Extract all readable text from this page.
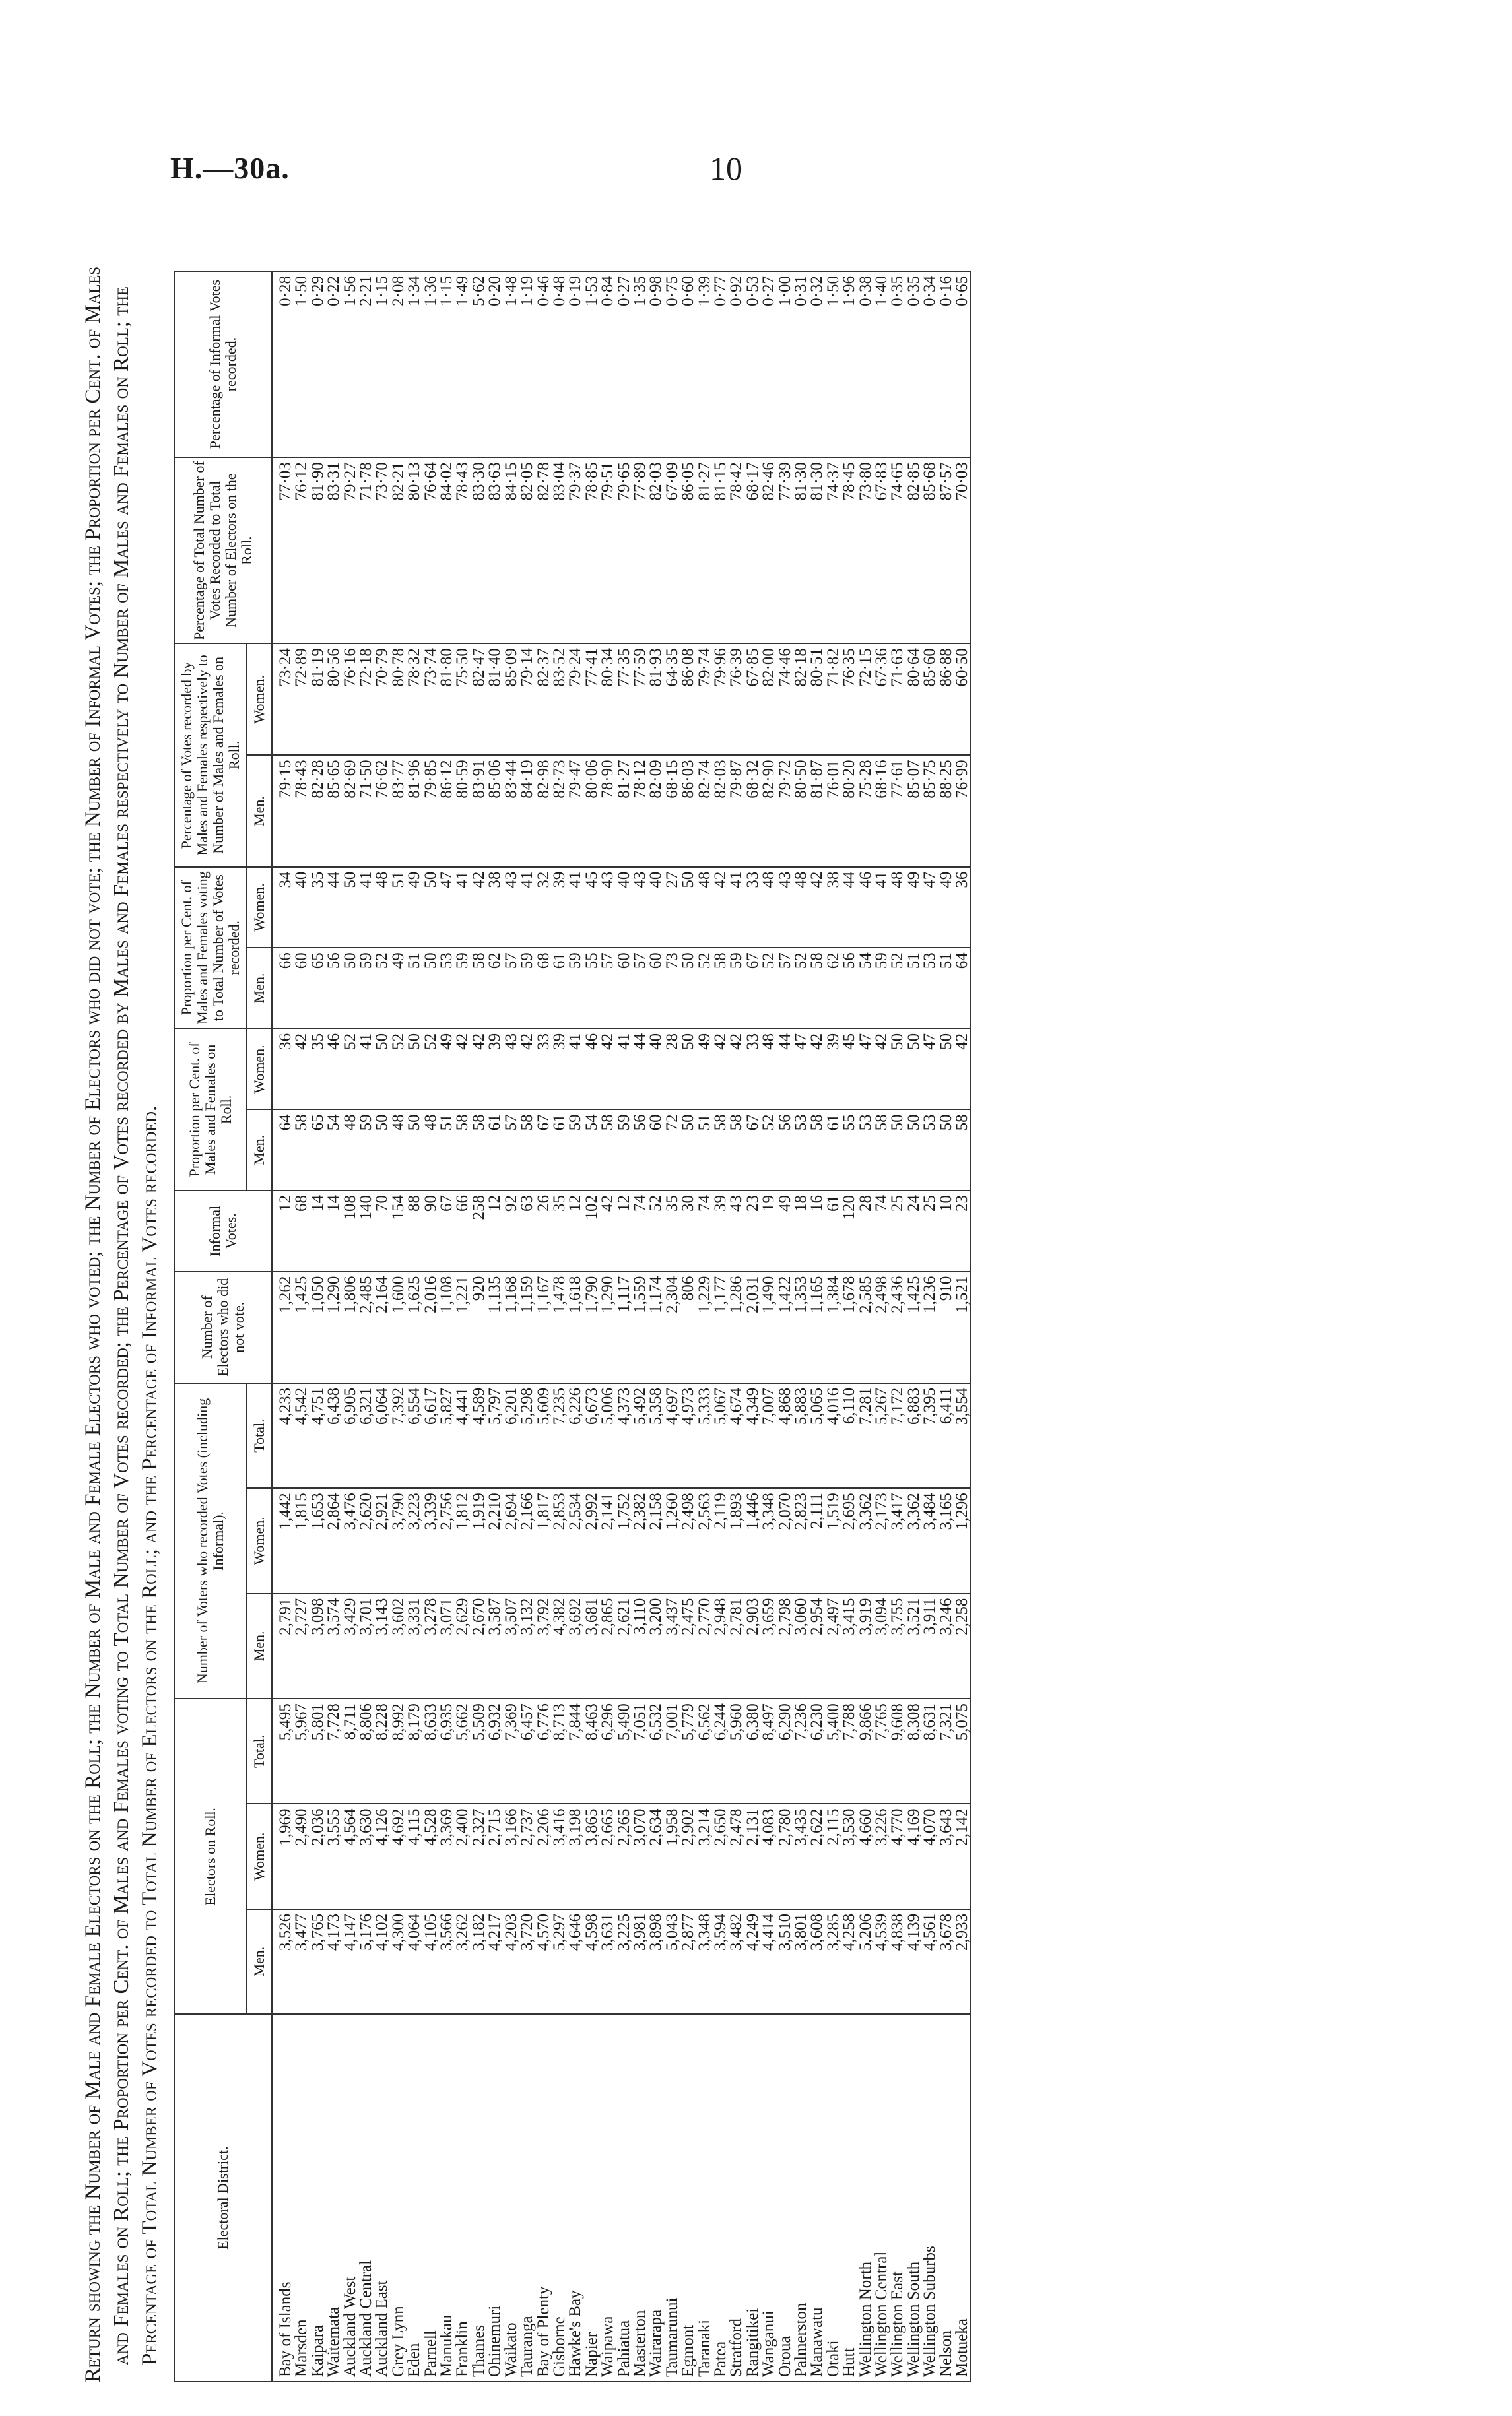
H.—30a.	10

Return showing the Number of Male and Female Electors on the Roll; the Number of Male and Female Electors who voted; the Number of Electors who did not vote; the Number of Informal Votes; the Proportion per Cent. of Males and Females on Roll; the Proportion per Cent. of Males and Females voting to Total Number of Votes recorded; the Percentage of Votes recorded by Males and Females respectively to Number of Males and Females on Roll; the Percentage of Total Number of Votes recorded to Total Number of Electors on the Roll; and the Percentage of Informal Votes recorded.	Electoral District.	Electors on Roll.			Number of Voters who recorded Votes (including Informal).			Number of Electors who did not vote.	Informal Votes.	Proportion per Cent. of Males and Females on Roll.		Proportion per Cent. of Males and Females voting to Total Number of Votes recorded.		Percentage of Votes recorded by Males and Females respectively to Number of Males and Females on Roll.		Percentage of Total Number of Votes Recorded to Total Number of Electors on the Roll.	Percentage of Informal Votes recorded.
	Men.	Women.	Total.	Men.	Women.	Total.			Men.	Women.	Men.	Women.	Men.	Women.		
Bay of Islands	3,526	1,969	5,495	2,791	1,442	4,233	1,262	12	64	36	66	34	79·15	73·24	77·03	0·28
Marsden	3,477	2,490	5,967	2,727	1,815	4,542	1,425	68	58	42	60	40	78·43	72·89	76·12	1·50
Kaipara	3,765	2,036	5,801	3,098	1,653	4,751	1,050	14	65	35	65	35	82·28	81·19	81·90	0·29
Waitemata	4,173	3,555	7,728	3,574	2,864	6,438	1,290	14	54	46	56	44	85·65	80·56	83·31	0·22
Auckland West	4,147	4,564	8,711	3,429	3,476	6,905	1,806	108	48	52	50	50	82·69	76·16	79·27	1·56
Auckland Central	5,176	3,630	8,806	3,701	2,620	6,321	2,485	140	59	41	59	41	71·50	72·18	71·78	2·21
Auckland East	4,102	4,126	8,228	3,143	2,921	6,064	2,164	70	50	50	52	48	76·62	70·79	73·70	1·15
Grey Lynn	4,300	4,692	8,992	3,602	3,790	7,392	1,600	154	48	52	49	51	83·77	80·78	82·21	2·08
Eden	4,064	4,115	8,179	3,331	3,223	6,554	1,625	88	50	50	51	49	81·96	78·32	80·13	1·34
Parnell	4,105	4,528	8,633	3,278	3,339	6,617	2,016	90	48	52	50	50	79·85	73·74	76·64	1·36
Manukau	3,566	3,369	6,935	3,071	2,756	5,827	1,108	67	51	49	53	47	86·12	81·80	84·02	1·15
Franklin	3,262	2,400	5,662	2,629	1,812	4,441	1,221	66	58	42	59	41	80·59	75·50	78·43	1·49
Thames	3,182	2,327	5,509	2,670	1,919	4,589	920	258	58	42	58	42	83·91	82·47	83·30	5·62
Ohinemuri	4,217	2,715	6,932	3,587	2,210	5,797	1,135	12	61	39	62	38	85·06	81·40	83·63	0·20
Waikato	4,203	3,166	7,369	3,507	2,694	6,201	1,168	92	57	43	57	43	83·44	85·09	84·15	1·48
Tauranga	3,720	2,737	6,457	3,132	2,166	5,298	1,159	63	58	42	59	41	84·19	79·14	82·05	1·19
Bay of Plenty	4,570	2,206	6,776	3,792	1,817	5,609	1,167	26	67	33	68	32	82·98	82·37	82·78	0·46
Gisborne	5,297	3,416	8,713	4,382	2,853	7,235	1,478	35	61	39	61	39	82·73	83·52	83·04	0·48
Hawke's Bay	4,646	3,198	7,844	3,692	2,534	6,226	1,618	12	59	41	59	41	79·47	79·24	79·37	0·19
Napier	4,598	3,865	8,463	3,681	2,992	6,673	1,790	102	54	46	55	45	80·06	77·41	78·85	1·53
Waipawa	3,631	2,665	6,296	2,865	2,141	5,006	1,290	42	58	42	57	43	78·90	80·34	79·51	0·84
Pahiatua	3,225	2,265	5,490	2,621	1,752	4,373	1,117	12	59	41	60	40	81·27	77·35	79·65	0·27
Masterton	3,981	3,070	7,051	3,110	2,382	5,492	1,559	74	56	44	57	43	78·12	77·59	77·89	1·35
Wairarapa	3,898	2,634	6,532	3,200	2,158	5,358	1,174	52	60	40	60	40	82·09	81·93	82·03	0·98
Taumarunui	5,043	1,958	7,001	3,437	1,260	4,697	2,304	35	72	28	73	27	68·15	64·35	67·09	0·75
Egmont	2,877	2,902	5,779	2,475	2,498	4,973	806	30	50	50	50	50	86·03	86·08	86·05	0·60
Taranaki	3,348	3,214	6,562	2,770	2,563	5,333	1,229	74	51	49	52	48	82·74	79·74	81·27	1·39
Patea	3,594	2,650	6,244	2,948	2,119	5,067	1,177	39	58	42	58	42	82·03	79·96	81·15	0·77
Stratford	3,482	2,478	5,960	2,781	1,893	4,674	1,286	43	58	42	59	41	79·87	76·39	78·42	0·92
Rangitikei	4,249	2,131	6,380	2,903	1,446	4,349	2,031	23	67	33	67	33	68·32	67·85	68·17	0·53
Wanganui	4,414	4,083	8,497	3,659	3,348	7,007	1,490	19	52	48	52	48	82·90	82·00	82·46	0·27
Oroua	3,510	2,780	6,290	2,798	2,070	4,868	1,422	49	56	44	57	43	79·72	74·46	77·39	1·00
Palmerston	3,801	3,435	7,236	3,060	2,823	5,883	1,353	18	53	47	52	48	80·50	82·18	81·30	0·31
Manawatu	3,608	2,622	6,230	2,954	2,111	5,065	1,165	16	58	42	58	42	81·87	80·51	81·30	0·32
Otaki	3,285	2,115	5,400	2,497	1,519	4,016	1,384	61	61	39	62	38	76·01	71·82	74·37	1·50
Hutt	4,258	3,530	7,788	3,415	2,695	6,110	1,678	120	55	45	56	44	80·20	76·35	78·45	1·96
Wellington North	5,206	4,660	9,866	3,919	3,362	7,281	2,585	28	53	47	54	46	75·28	72·15	73·80	0·38
Wellington Central	4,539	3,226	7,765	3,094	2,173	5,267	2,498	74	58	42	59	41	68·16	67·36	67·83	1·40
Wellington East	4,838	4,770	9,608	3,755	3,417	7,172	2,436	25	50	50	52	48	77·61	71·63	74·65	0·35
Wellington South	4,139	4,169	8,308	3,521	3,362	6,883	1,425	24	50	50	51	49	85·07	80·64	82·85	0·35
Wellington Suburbs	4,561	4,070	8,631	3,911	3,484	7,395	1,236	25	53	47	53	47	85·75	85·60	85·68	0·34
Nelson	3,678	3,643	7,321	3,246	3,165	6,411	910	10	50	50	51	49	88·25	86·88	87·57	0·16
Motueka	2,933	2,142	5,075	2,258	1,296	3,554	1,521	23	58	42	64	36	76·99	60·50	70·03	0·65
